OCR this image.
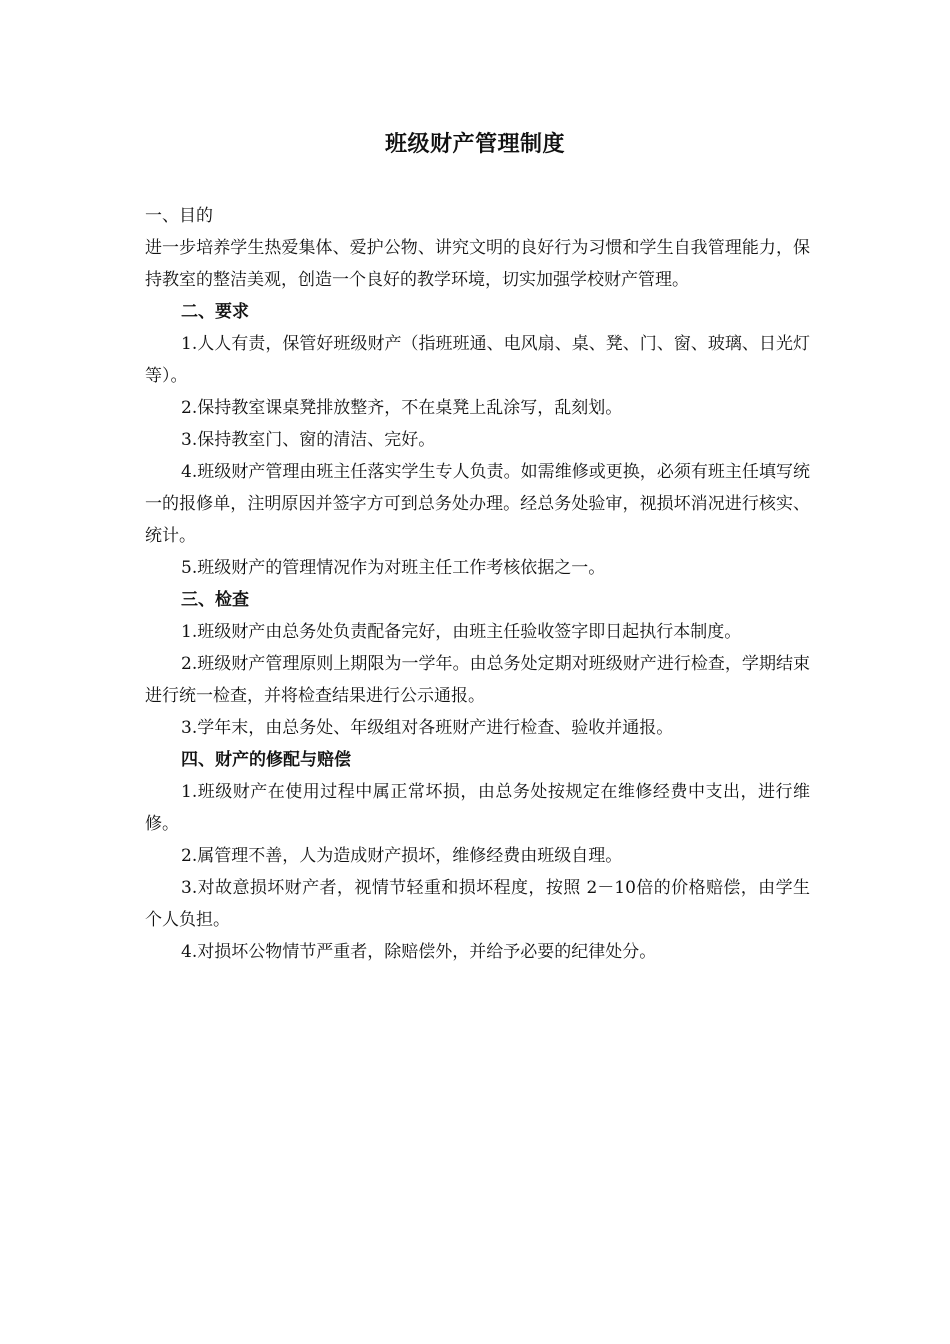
班级财产管理制度

一、目的

进一步培养学生热爱集体、爱护公物、讲究文明的良好行为习惯和学生自我管理能力，保持教室的整洁美观，创造一个良好的教学环境，切实加强学校财产管理。

二、要求

1.人人有责，保管好班级财产（指班班通、电风扇、桌、凳、门、窗、玻璃、日光灯等）。

2.保持教室课桌凳排放整齐，不在桌凳上乱涂写，乱刻划。

3.保持教室门、窗的清洁、完好。

4.班级财产管理由班主任落实学生专人负责。如需维修或更换，必须有班主任填写统一的报修单，注明原因并签字方可到总务处办理。经总务处验审，视损坏消况进行核实、统计。

5.班级财产的管理情况作为对班主任工作考核依据之一。

三、检查

1.班级财产由总务处负责配备完好，由班主任验收签字即日起执行本制度。

2.班级财产管理原则上期限为一学年。由总务处定期对班级财产进行检查，学期结束进行统一检查，并将检查结果进行公示通报。

3.学年末，由总务处、年级组对各班财产进行检查、验收并通报。

四、财产的修配与赔偿

1.班级财产在使用过程中属正常坏损，由总务处按规定在维修经费中支出，进行维修。

2.属管理不善，人为造成财产损坏，维修经费由班级自理。

3.对故意损坏财产者，视情节轻重和损坏程度，按照 2－10倍的价格赔偿，由学生个人负担。

4.对损坏公物情节严重者，除赔偿外，并给予必要的纪律处分。
